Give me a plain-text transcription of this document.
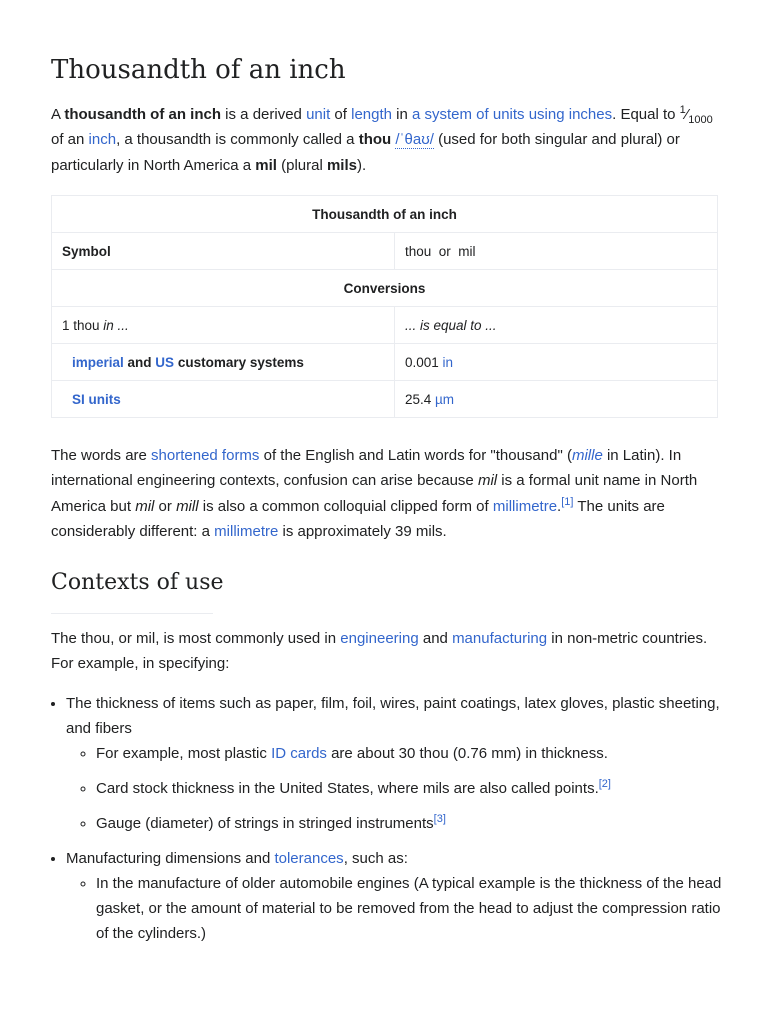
Thousandth of an inch

A thousandth of an inch is a derived unit of length in a system of units using inches. Equal to $^1⁄_{1000}$ of an inch, a thousandth is commonly called a thou /ˈθaʊ/ (used for both singular and plural) or particularly in North America a mil (plural mils).

Thousandth of an inch	
Symbol	thou  or  mil
Conversions	
1 thou in ...	... is equal to ...
imperial and US customary systems	0.001 in
SI units	25.4 µm

The words are shortened forms of the English and Latin words for "thousand" (mille in Latin). In international engineering contexts, confusion can arise because mil is a formal unit name in North America but mil or mill is also a common colloquial clipped form of millimetre.[1] The units are considerably different: a millimetre is approximately 39 mils.

Contexts of use

The thou, or mil, is most commonly used in engineering and manufacturing in non-metric countries. For example, in specifying:

• The thickness of items such as paper, film, foil, wires, paint coatings, latex gloves, plastic sheeting, and fibers
◦ For example, most plastic ID cards are about 30 thou (0.76 mm) in thickness.
◦ Card stock thickness in the United States, where mils are also called points.[2]
◦ Gauge (diameter) of strings in stringed instruments[3]
• Manufacturing dimensions and tolerances, such as:
◦ In the manufacture of older automobile engines (A typical example is the thickness of the head gasket, or the amount of material to be removed from the head to adjust the compression ratio of the cylinders.)
